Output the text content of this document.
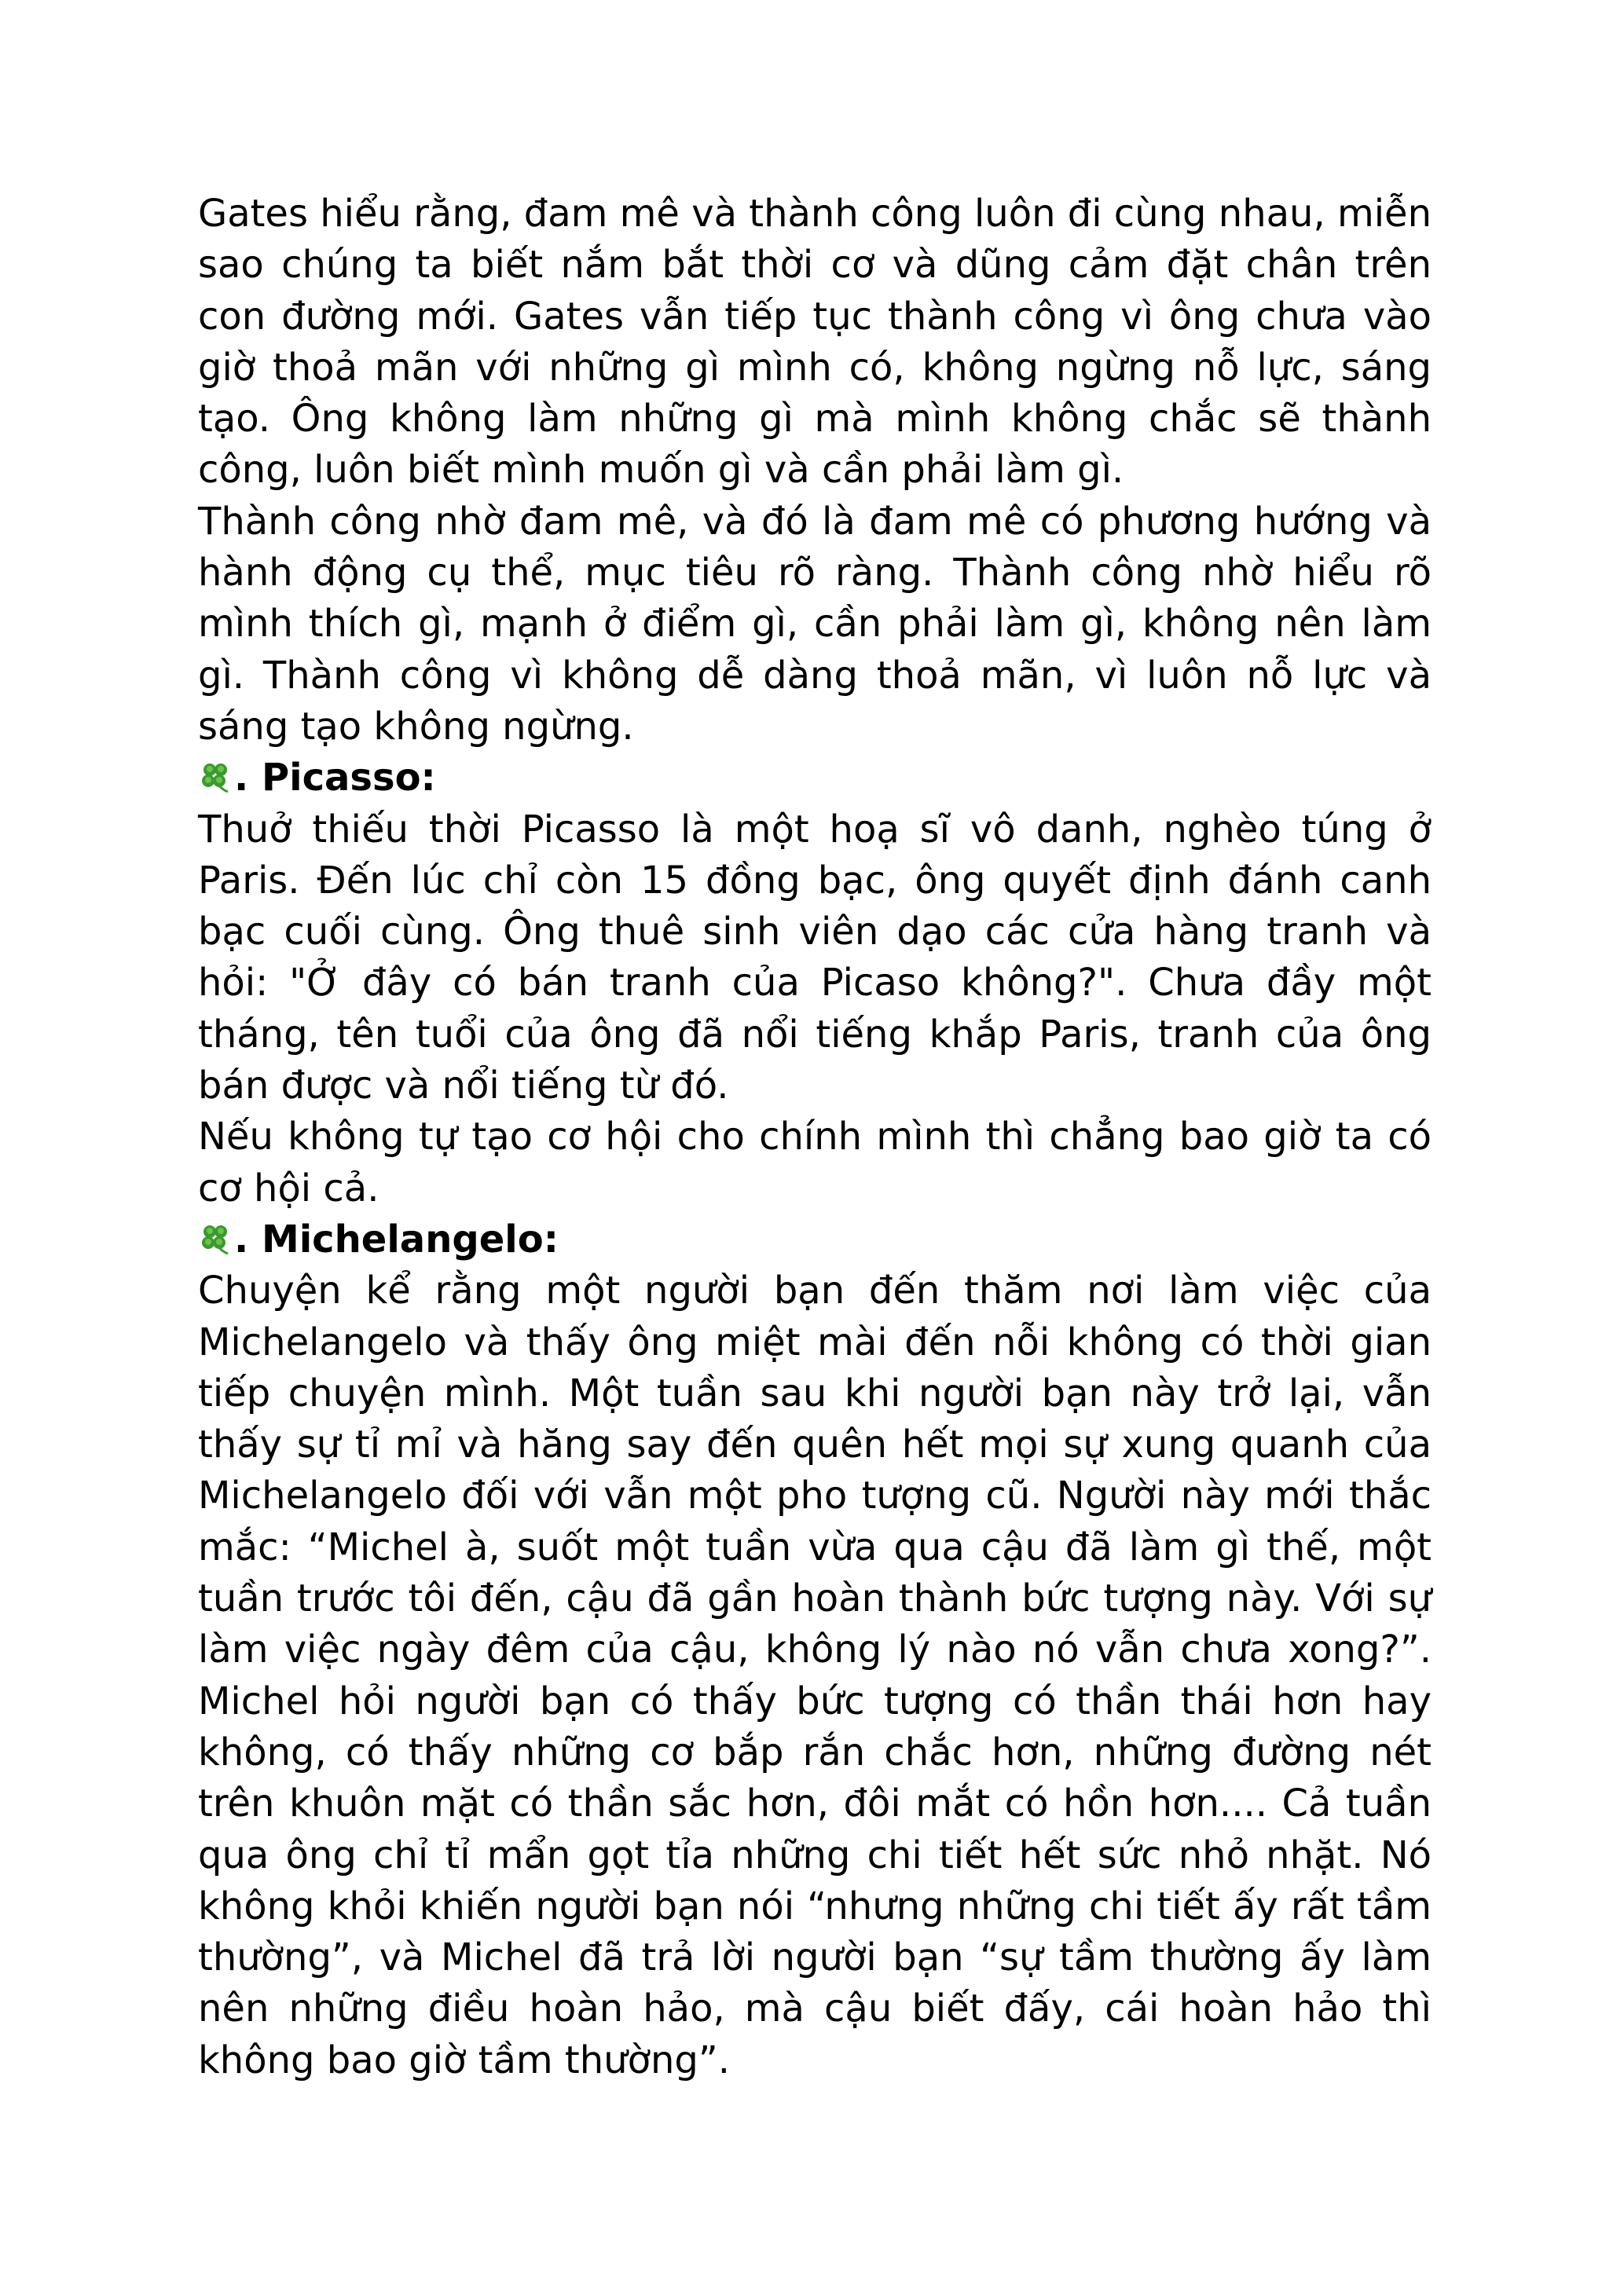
Gates hiểu rằng, đam mê và thành công luôn đi cùng nhau, miễn sao chúng ta biết nắm bắt thời cơ và dũng cảm đặt chân trên con đường mới. Gates vẫn tiếp tục thành công vì ông chưa vào giờ thoả mãn với những gì mình có, không ngừng nỗ lực, sáng tạo. Ông không làm những gì mà mình không chắc sẽ thành công, luôn biết mình muốn gì và cần phải làm gì.

Thành công nhờ đam mê, và đó là đam mê có phương hướng và hành động cụ thể, mục tiêu rõ ràng. Thành công nhờ hiểu rõ mình thích gì, mạnh ở điểm gì, cần phải làm gì, không nên làm gì. Thành công vì không dễ dàng thoả mãn, vì luôn nỗ lực và sáng tạo không ngừng.

. Picasso:

Thuở thiếu thời Picasso là một hoạ sĩ vô danh, nghèo túng ở Paris. Đến lúc chỉ còn 15 đồng bạc, ông quyết định đánh canh bạc cuối cùng. Ông thuê sinh viên dạo các cửa hàng tranh và hỏi: "Ở đây có bán tranh của Picaso không?". Chưa đầy một tháng, tên tuổi của ông đã nổi tiếng khắp Paris, tranh của ông bán được và nổi tiếng từ đó.

Nếu không tự tạo cơ hội cho chính mình thì chẳng bao giờ ta có cơ hội cả.

. Michelangelo:

Chuyện kể rằng một người bạn đến thăm nơi làm việc của Michelangelo và thấy ông miệt mài đến nỗi không có thời gian tiếp chuyện mình. Một tuần sau khi người bạn này trở lại, vẫn thấy sự tỉ mỉ và hăng say đến quên hết mọi sự xung quanh của Michelangelo đối với vẫn một pho tượng cũ. Người này mới thắc mắc: “Michel à, suốt một tuần vừa qua cậu đã làm gì thế, một tuần trước tôi đến, cậu đã gần hoàn thành bức tượng này. Với sự làm việc ngày đêm của cậu, không lý nào nó vẫn chưa xong?”. Michel hỏi người bạn có thấy bức tượng có thần thái hơn hay không, có thấy những cơ bắp rắn chắc hơn, những đường nét trên khuôn mặt có thần sắc hơn, đôi mắt có hồn hơn.... Cả tuần qua ông chỉ tỉ mẩn gọt tỉa những chi tiết hết sức nhỏ nhặt. Nó không khỏi khiến người bạn nói “nhưng những chi tiết ấy rất tầm thường”, và Michel đã trả lời người bạn “sự tầm thường ấy làm nên những điều hoàn hảo, mà cậu biết đấy, cái hoàn hảo thì không bao giờ tầm thường”.
